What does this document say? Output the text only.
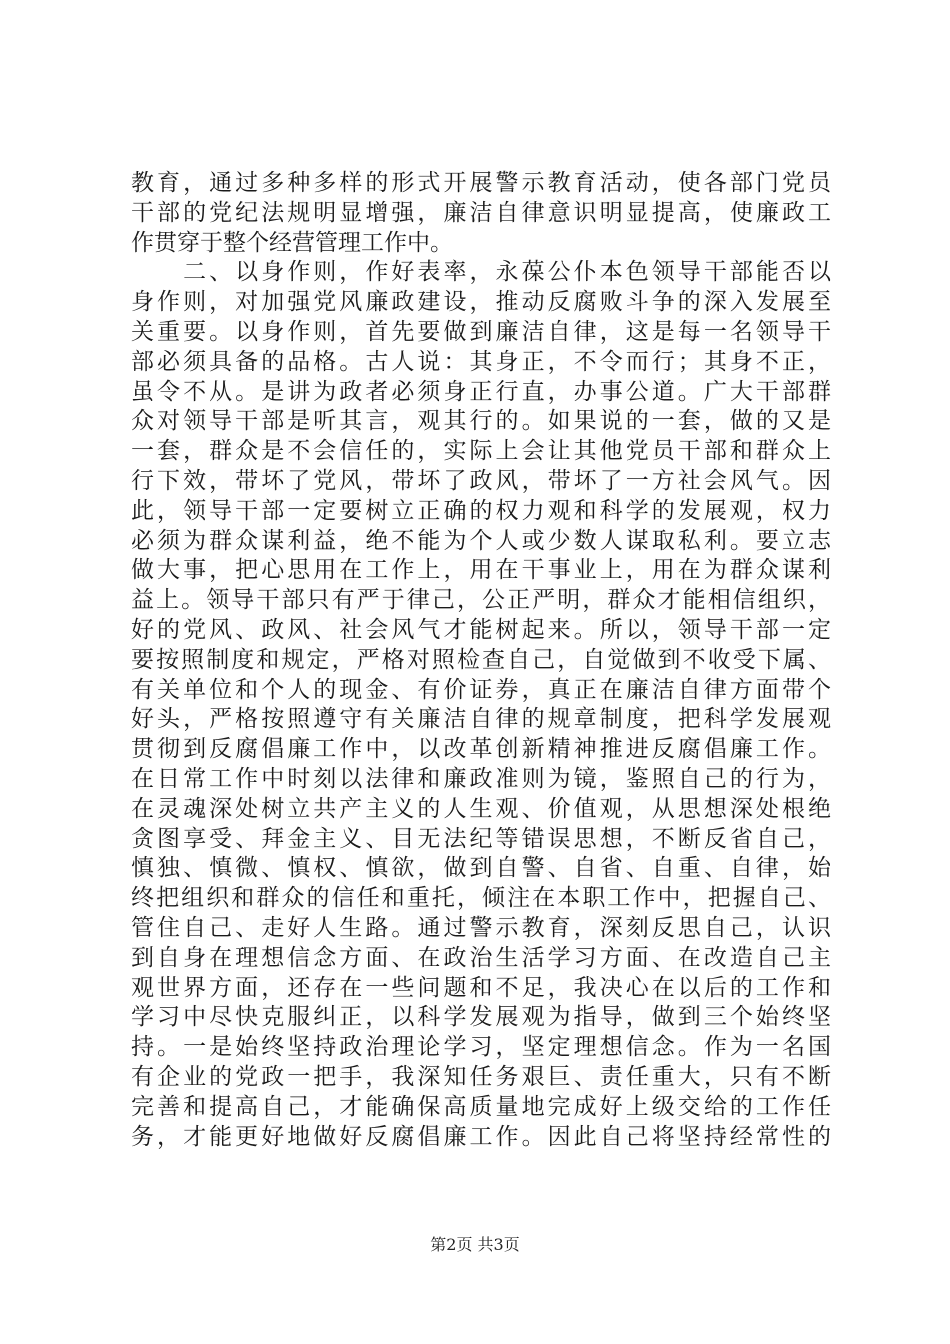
教育，通过多种多样的形式开展警示教育活动，使各部门党员
干部的党纪法规明显增强，廉洁自律意识明显提高，使廉政工
作贯穿于整个经营管理工作中。
　　二、以身作则，作好表率，永葆公仆本色领导干部能否以
身作则，对加强党风廉政建设，推动反腐败斗争的深入发展至
关重要。以身作则，首先要做到廉洁自律，这是每一名领导干
部必须具备的品格。古人说：其身正，不令而行；其身不正，
虽令不从。是讲为政者必须身正行直，办事公道。广大干部群
众对领导干部是听其言，观其行的。如果说的一套，做的又是
一套，群众是不会信任的，实际上会让其他党员干部和群众上
行下效，带坏了党风，带坏了政风，带坏了一方社会风气。因
此，领导干部一定要树立正确的权力观和科学的发展观，权力
必须为群众谋利益，绝不能为个人或少数人谋取私利。要立志
做大事，把心思用在工作上，用在干事业上，用在为群众谋利
益上。领导干部只有严于律己，公正严明，群众才能相信组织，
好的党风、政风、社会风气才能树起来。所以，领导干部一定
要按照制度和规定，严格对照检查自己，自觉做到不收受下属、
有关单位和个人的现金、有价证券，真正在廉洁自律方面带个
好头，严格按照遵守有关廉洁自律的规章制度，把科学发展观
贯彻到反腐倡廉工作中，以改革创新精神推进反腐倡廉工作。
在日常工作中时刻以法律和廉政准则为镜，鉴照自己的行为，
在灵魂深处树立共产主义的人生观、价值观，从思想深处根绝
贪图享受、拜金主义、目无法纪等错误思想，不断反省自己，
慎独、慎微、慎权、慎欲，做到自警、自省、自重、自律，始
终把组织和群众的信任和重托，倾注在本职工作中，把握自己、
管住自己、走好人生路。通过警示教育，深刻反思自己，认识
到自身在理想信念方面、在政治生活学习方面、在改造自己主
观世界方面，还存在一些问题和不足，我决心在以后的工作和
学习中尽快克服纠正，以科学发展观为指导，做到三个始终坚
持。一是始终坚持政治理论学习，坚定理想信念。作为一名国
有企业的党政一把手，我深知任务艰巨、责任重大，只有不断
完善和提高自己，才能确保高质量地完成好上级交给的工作任
务，才能更好地做好反腐倡廉工作。因此自己将坚持经常性的
第2页 共3页
